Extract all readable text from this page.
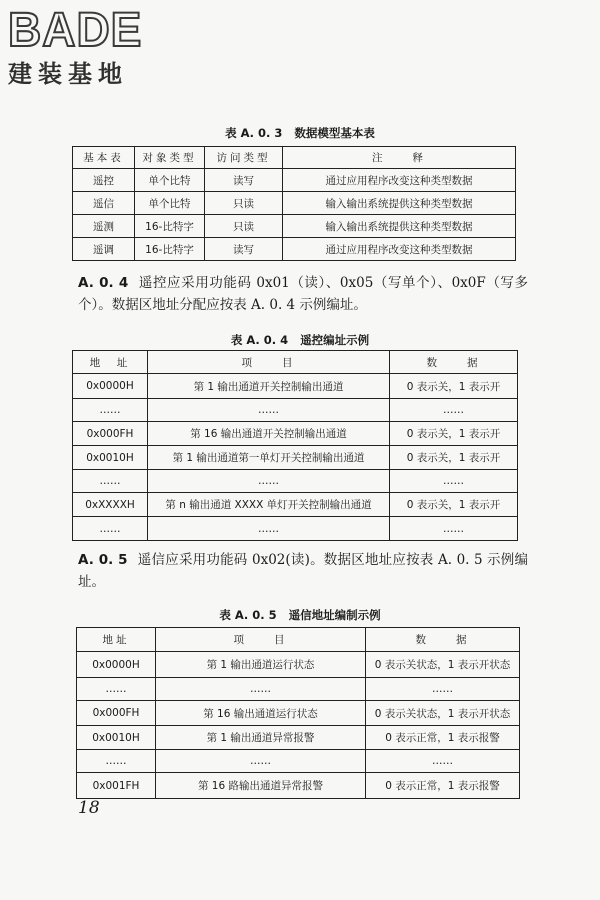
BADE
建装基地
表 A. 0. 3 数据模型基本表
基本表	对象类型	访问类型	注　　释
遥控	单个比特	读写	通过应用程序改变这种类型数据
遥信	单个比特	只读	输入输出系统提供这种类型数据
遥测	16-比特字	只读	输入输出系统提供这种类型数据
遥调	16-比特字	读写	通过应用程序改变这种类型数据
A. 0. 4 遥控应采用功能码 0x01（读）、0x05（写单个）、0x0F（写多个）。数据区地址分配应按表 A. 0. 4 示例编址。
表 A. 0. 4 遥控编址示例
地　址	项　　目	数　　据
0x0000H	第 1 输出通道开关控制输出通道	0 表示关，1 表示开
……	……	……
0x000FH	第 16 输出通道开关控制输出通道	0 表示关，1 表示开
0x0010H	第 1 输出通道第一单灯开关控制输出通道	0 表示关，1 表示开
……	……	……
0xXXXXH	第 n 输出通道 XXXX 单灯开关控制输出通道	0 表示关，1 表示开
……	……	……
A. 0. 5 遥信应采用功能码 0x02(读)。数据区地址应按表 A. 0. 5 示例编址。
表 A. 0. 5 遥信地址编制示例
地址	项　　目	数　　据
0x0000H	第 1 输出通道运行状态	0 表示关状态，1 表示开状态
……	……	……
0x000FH	第 16 输出通道运行状态	0 表示关状态，1 表示开状态
0x0010H	第 1 输出通道异常报警	0 表示正常，1 表示报警
……	……	……
0x001FH	第 16 路输出通道异常报警	0 表示正常，1 表示报警
18
